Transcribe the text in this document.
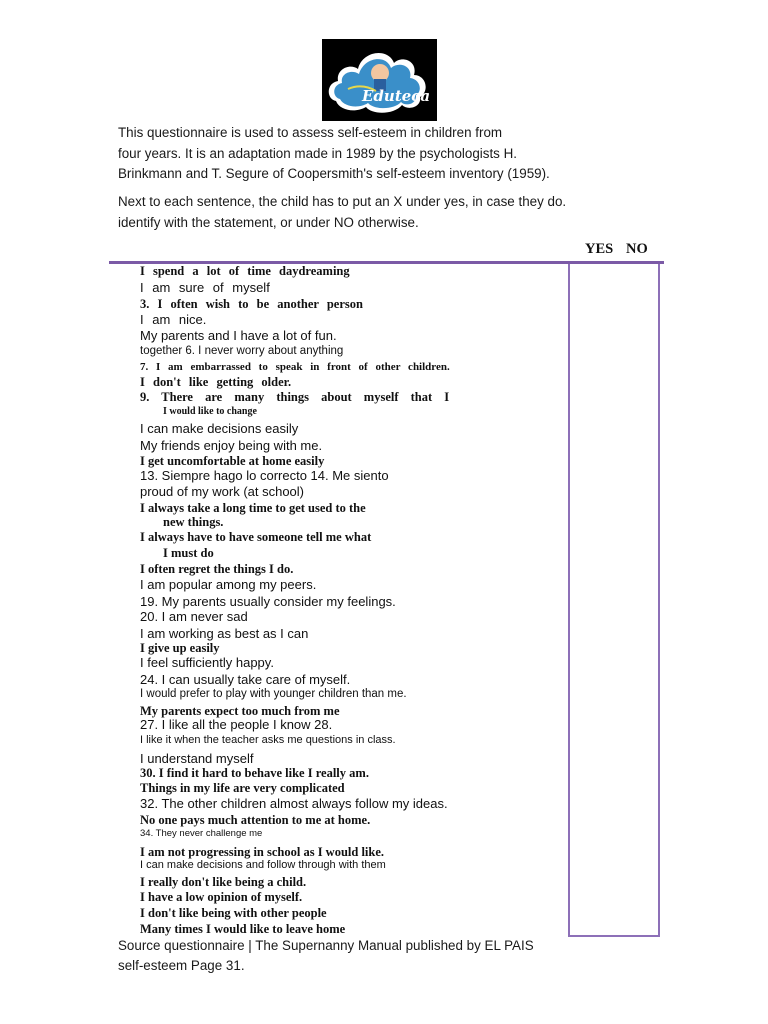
Eduteca
This questionnaire is used to assess self-esteem in children from
four years. It is an adaptation made in 1989 by the psychologists H.
Brinkmann and T. Segure of Coopersmith's self-esteem inventory (1959).
Next to each sentence, the child has to put an X under yes, in case they do.
identify with the statement, or under NO otherwise.
YES NO
I spend a lot of time daydreaming
I am sure of myself
3. I often wish to be another person
I am nice.
My parents and I have a lot of fun.
together 6. I never worry about anything
7. I am embarrassed to speak in front of other children.
I don't like getting older.
9. There are many things about myself that I
I would like to change
I can make decisions easily
My friends enjoy being with me.
I get uncomfortable at home easily
13. Siempre hago lo correcto 14. Me siento
proud of my work (at school)
I always take a long time to get used to the
new things.
I always have to have someone tell me what
I must do
I often regret the things I do.
I am popular among my peers.
19. My parents usually consider my feelings.
20. I am never sad
I am working as best as I can
I give up easily
I feel sufficiently happy.
24. I can usually take care of myself.
I would prefer to play with younger children than me.
My parents expect too much from me
27. I like all the people I know 28.
I like it when the teacher asks me questions in class.
I understand myself
30. I find it hard to behave like I really am.
Things in my life are very complicated
32. The other children almost always follow my ideas.
No one pays much attention to me at home.
34. They never challenge me
I am not progressing in school as I would like.
I can make decisions and follow through with them
I really don't like being a child.
I have a low opinion of myself.
I don't like being with other people
Many times I would like to leave home
Source questionnaire | The Supernanny Manual published by EL PAIS
self-esteem Page 31.
